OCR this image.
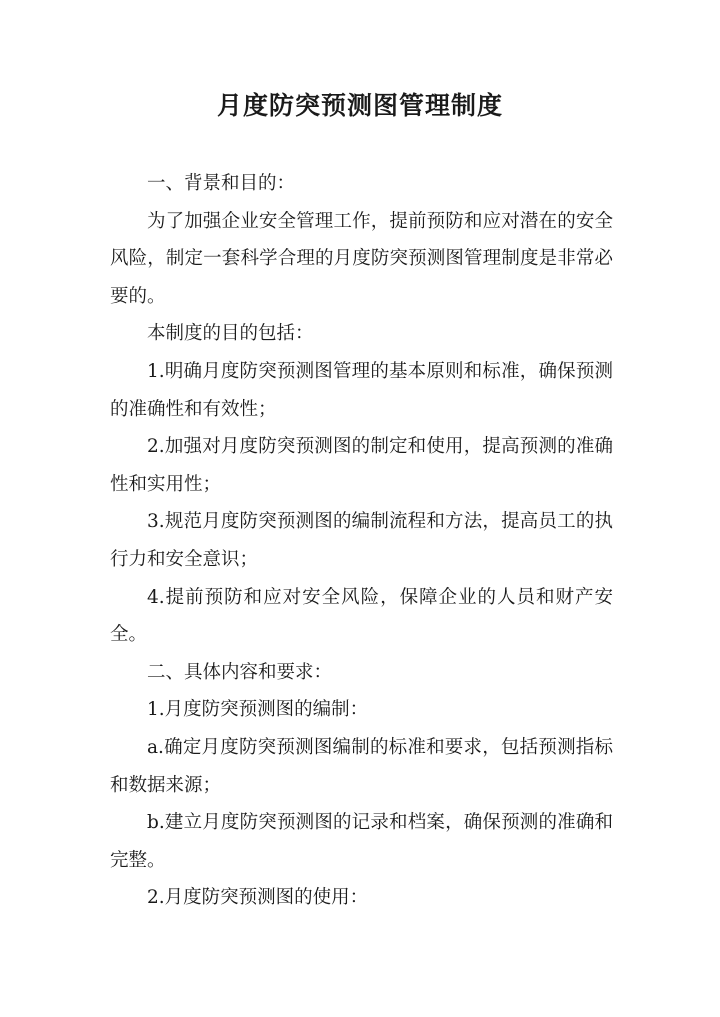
月度防突预测图管理制度

一、背景和目的：

为了加强企业安全管理工作，提前预防和应对潜在的安全风险，制定一套科学合理的月度防突预测图管理制度是非常必要的。

本制度的目的包括：

1.明确月度防突预测图管理的基本原则和标准，确保预测的准确性和有效性；

2.加强对月度防突预测图的制定和使用，提高预测的准确性和实用性；

3.规范月度防突预测图的编制流程和方法，提高员工的执行力和安全意识；

4.提前预防和应对安全风险，保障企业的人员和财产安全。

二、具体内容和要求：

1.月度防突预测图的编制：

a.确定月度防突预测图编制的标准和要求，包括预测指标和数据来源；

b.建立月度防突预测图的记录和档案，确保预测的准确和完整。

2.月度防突预测图的使用：
